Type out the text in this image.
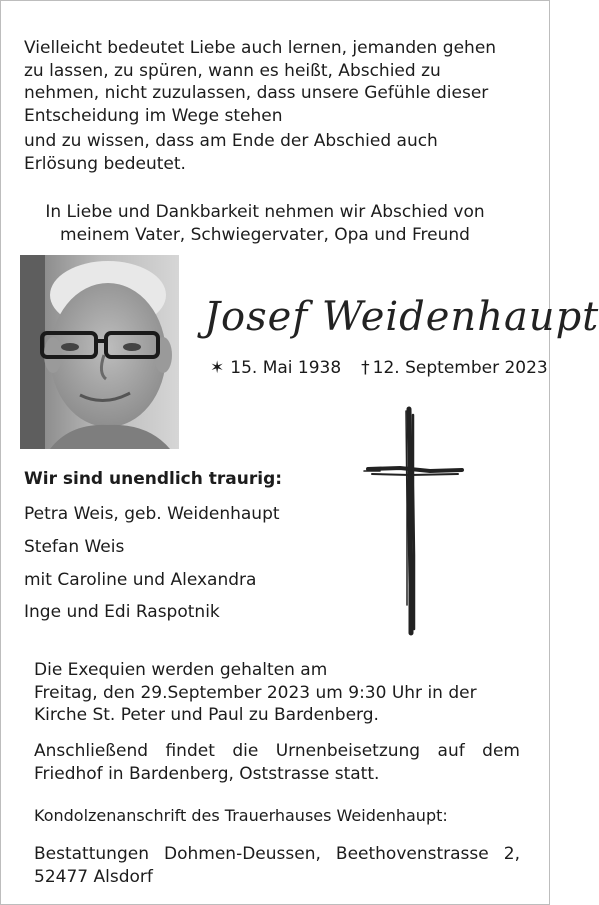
Vielleicht bedeutet Liebe auch lernen, jemanden gehen
zu lassen, zu spüren, wann es heißt, Abschied zu
nehmen, nicht zuzulassen, dass unsere Gefühle dieser
Entscheidung im Wege stehen

und zu wissen, dass am Ende der Abschied auch
Erlösung bedeutet.

In Liebe und Dankbarkeit nehmen wir Abschied von
meinem Vater, Schwiegervater, Opa und Freund

Josef Weidenhaupt
✶ 15. Mai 1938 † 12. September 2023
Wir sind unendlich traurig:
Petra Weis, geb. Weidenhaupt
Stefan Weis
mit Caroline und Alexandra
Inge und Edi Raspotnik

Die Exequien werden gehalten am
Freitag, den 29.September 2023 um 9:30 Uhr in der
Kirche St. Peter und Paul zu Bardenberg.

Anschließend findet die Urnenbeisetzung auf dem
Friedhof in Bardenberg, Oststrasse statt.

Kondolzenanschrift des Trauerhauses Weidenhaupt:

Bestattungen Dohmen-Deussen, Beethovenstrasse 2,
52477 Alsdorf
